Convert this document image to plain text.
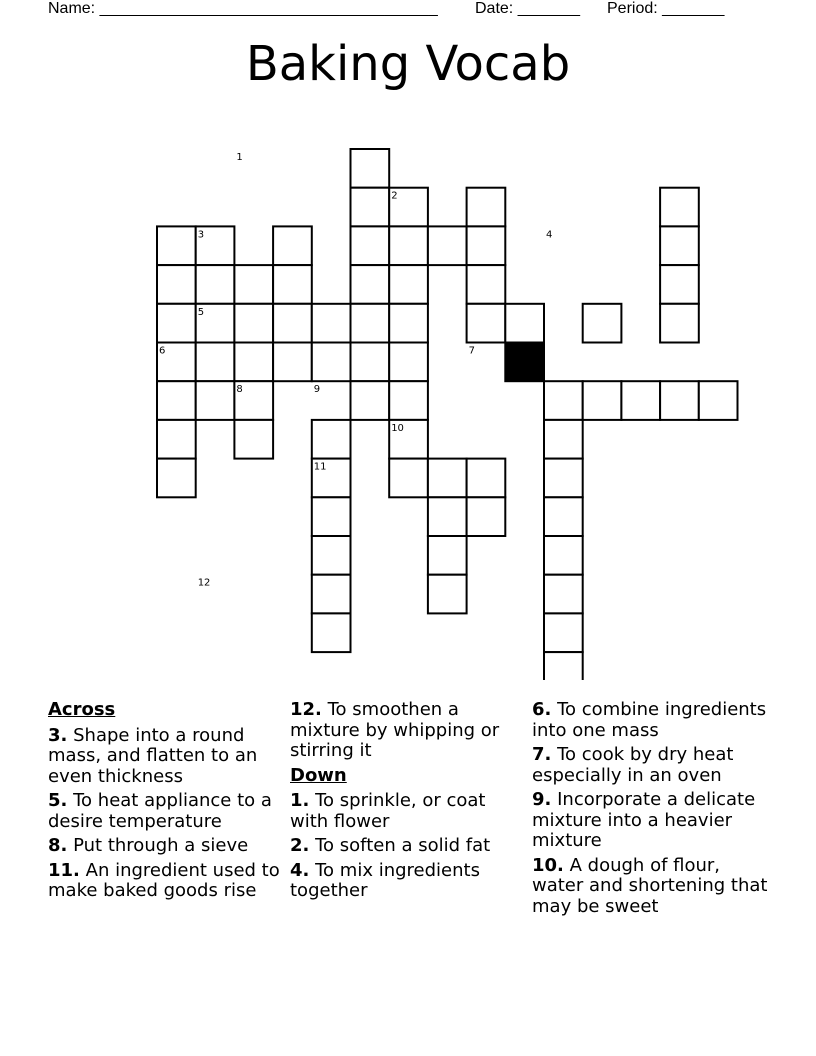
Name: ______________________________________ Date: _______ Period: _______
Baking Vocab
1
2
3	4
5
6	7
8	9
10
11
12
Across
3. Shape into a round mass, and flatten to an even thickness
5. To heat appliance to a desire temperature
8. Put through a sieve
11. An ingredient used to make baked goods rise
12. To smoothen a mixture by whipping or stirring it
Down
1. To sprinkle, or coat with flower
2. To soften a solid fat
4. To mix ingredients together
6. To combine ingredients into one mass
7. To cook by dry heat especially in an oven
9. Incorporate a delicate mixture into a heavier mixture
10. A dough of flour, water and shortening that may be sweet
